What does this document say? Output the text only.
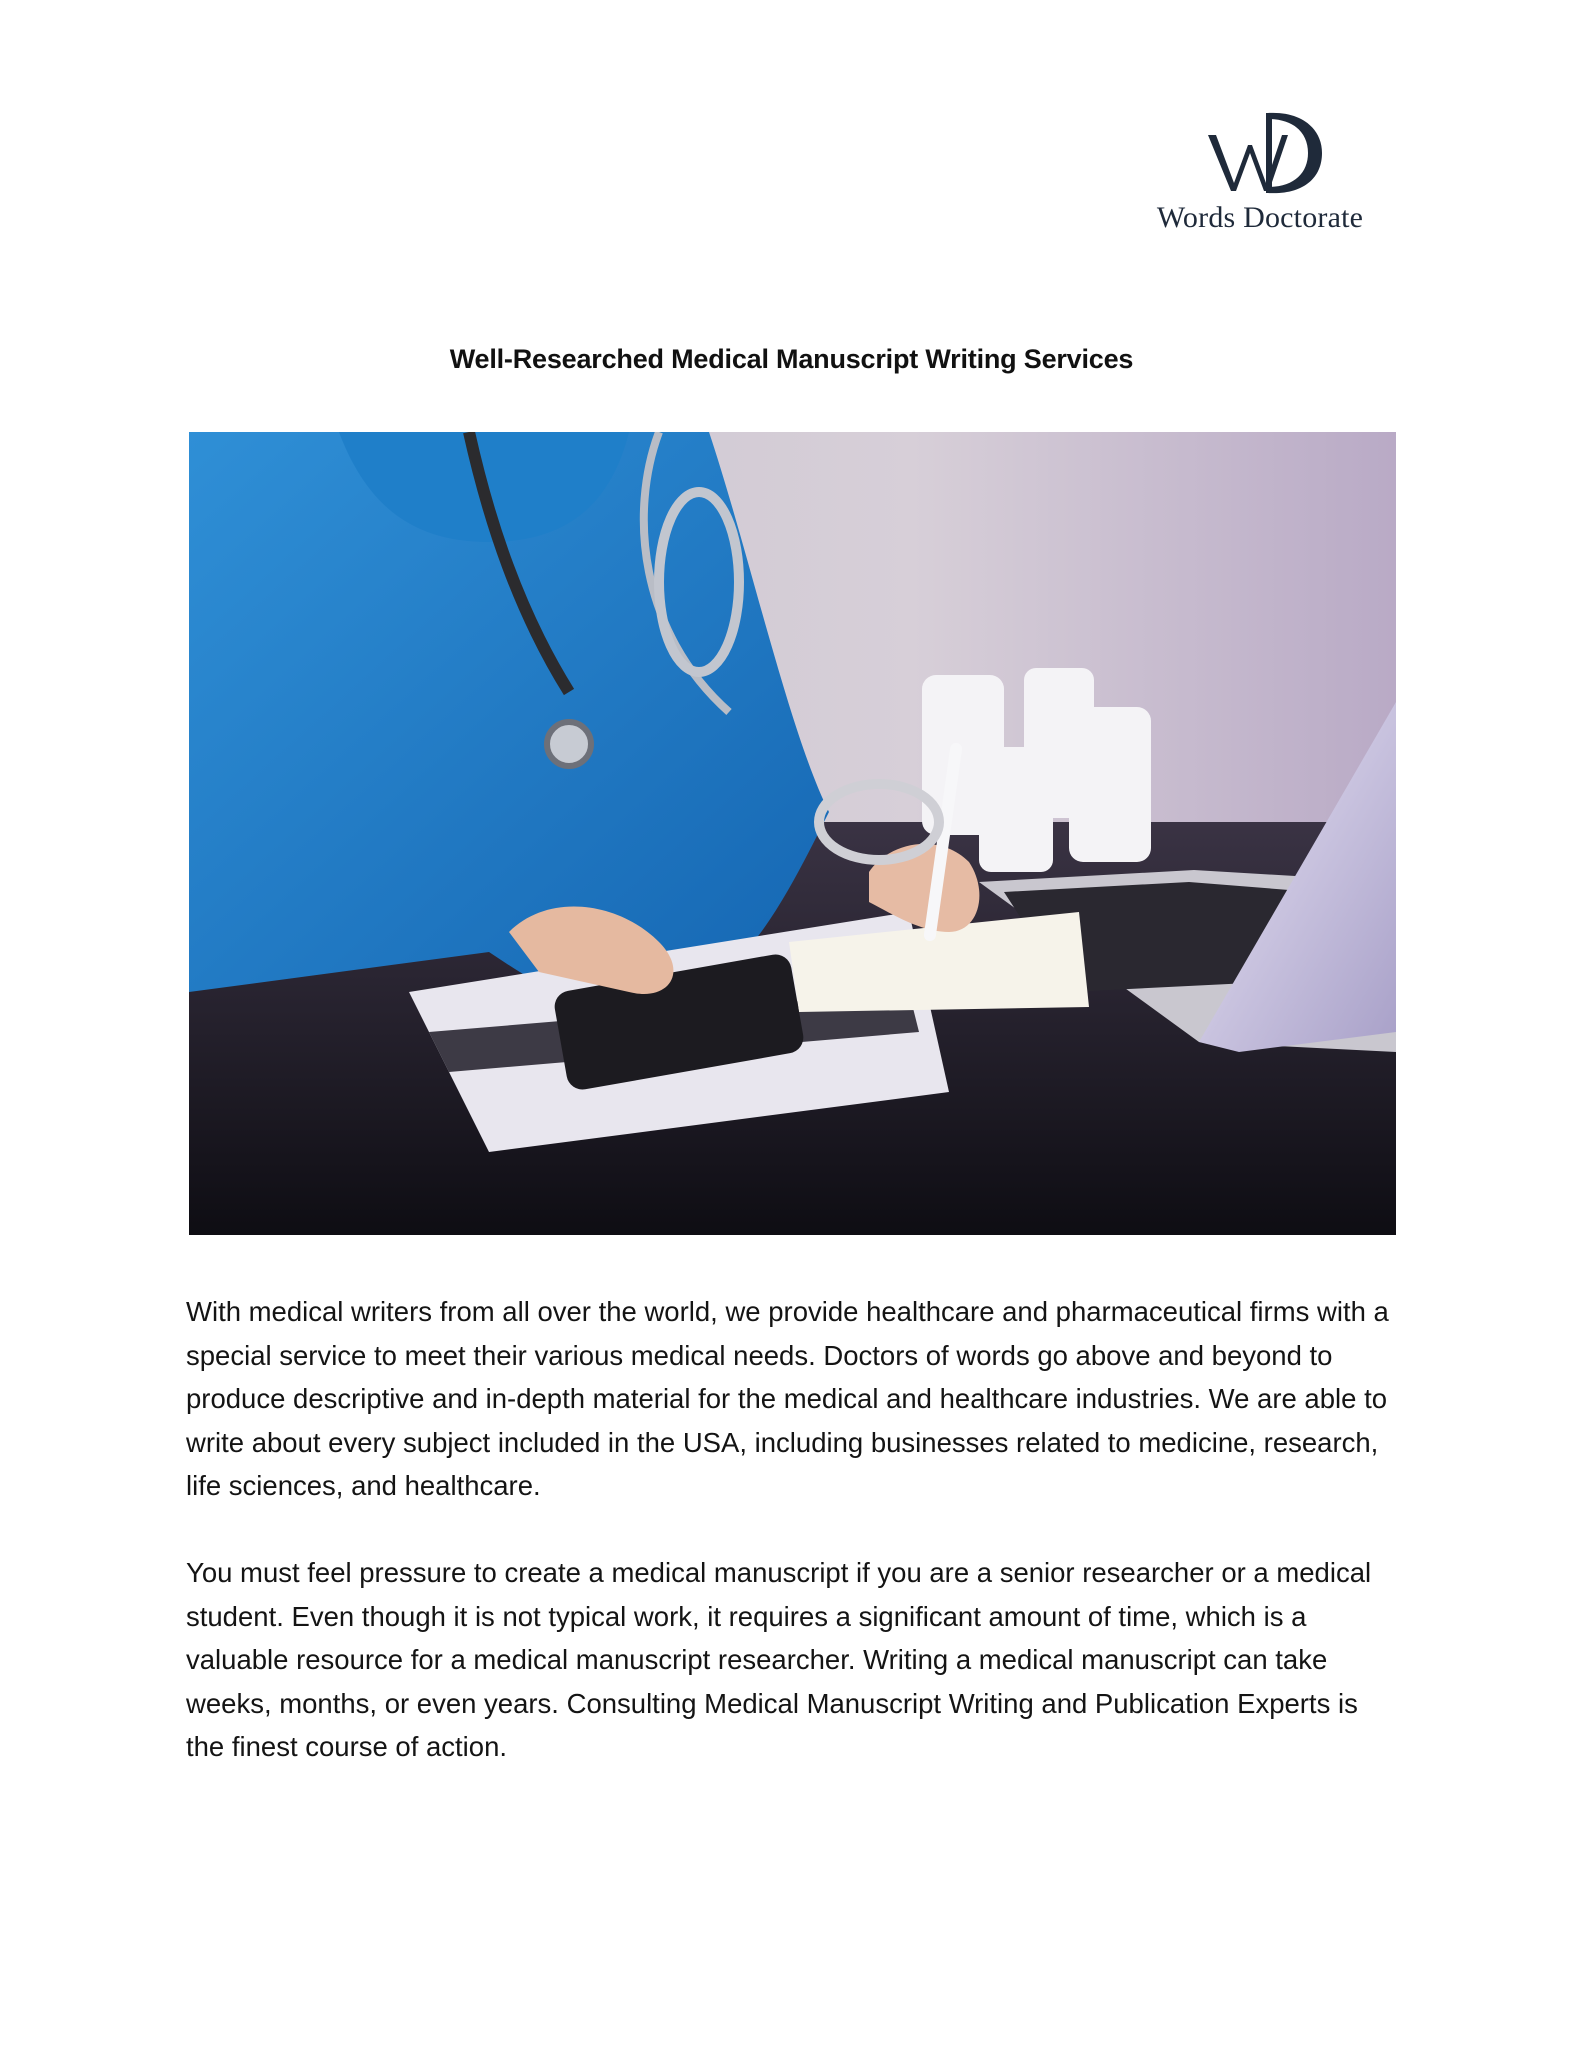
Words Doctorate
Well-Researched Medical Manuscript Writing Services

With medical writers from all over the world, we provide healthcare and pharmaceutical firms with a special service to meet their various medical needs. Doctors of words go above and beyond to produce descriptive and in-depth material for the medical and healthcare industries. We are able to write about every subject included in the USA, including businesses related to medicine, research, life sciences, and healthcare.

You must feel pressure to create a medical manuscript if you are a senior researcher or a medical student. Even though it is not typical work, it requires a significant amount of time, which is a valuable resource for a medical manuscript researcher. Writing a medical manuscript can take weeks, months, or even years. Consulting Medical Manuscript Writing and Publication Experts is the finest course of action.
